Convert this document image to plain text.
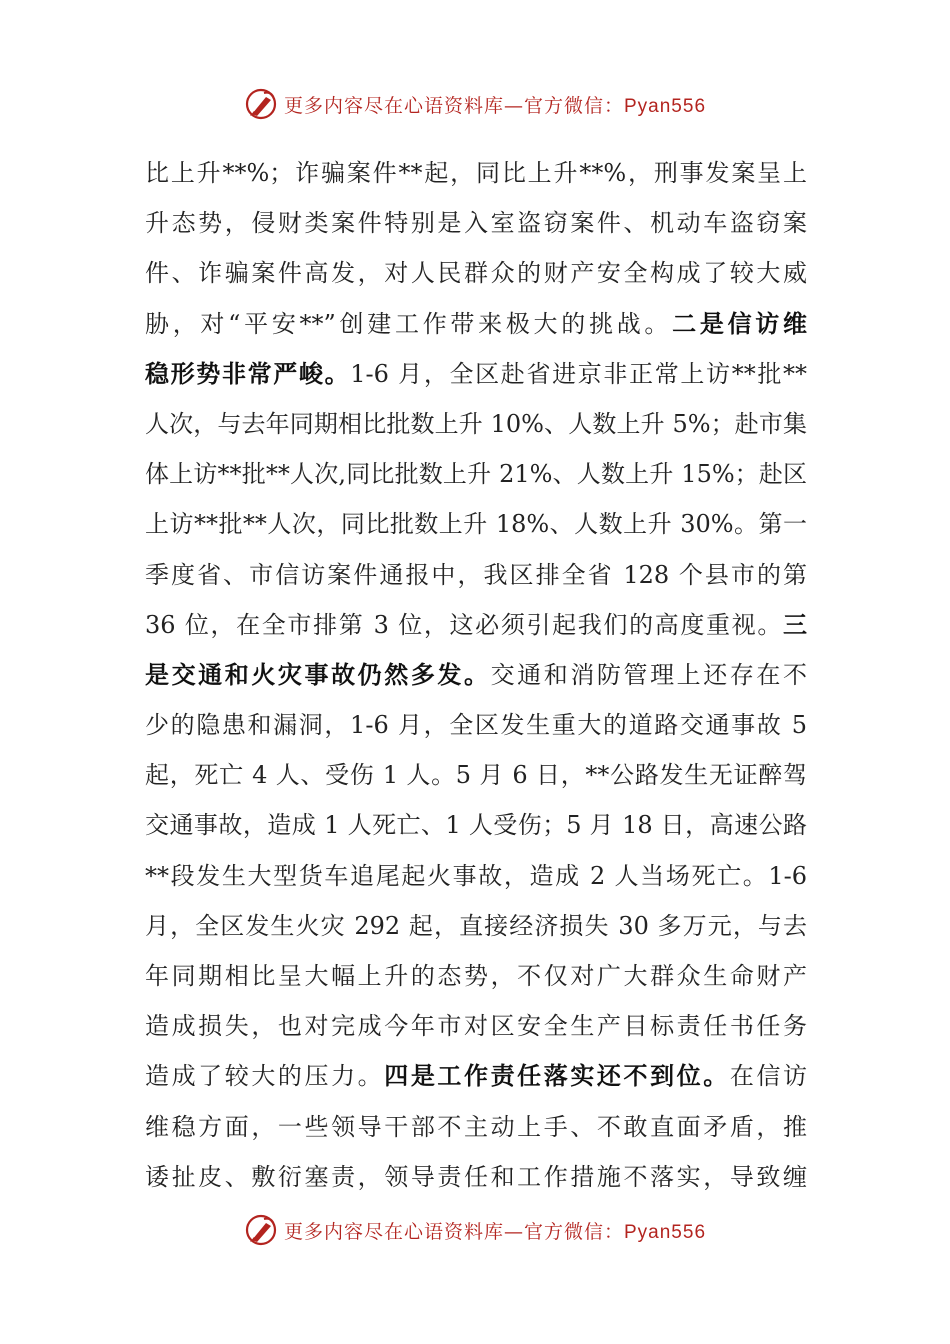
更多内容尽在心语资料库—官方微信：Pyan556
比上升**%；诈骗案件**起，同比上升**%，刑事发案呈上
升态势，侵财类案件特别是入室盗窃案件、机动车盗窃案
件、诈骗案件高发，对人民群众的财产安全构成了较大威
胁，对“平安**”创建工作带来极大的挑战。二是信访维
稳形势非常严峻。1-6 月，全区赴省进京非正常上访**批**
人次，与去年同期相比批数上升 10%、人数上升 5%；赴市集
体上访**批**人次,同比批数上升 21%、人数上升 15%；赴区
上访**批**人次，同比批数上升 18%、人数上升 30%。第一
季度省、市信访案件通报中，我区排全省 128 个县市的第
36 位，在全市排第 3 位，这必须引起我们的高度重视。三
是交通和火灾事故仍然多发。交通和消防管理上还存在不
少的隐患和漏洞，1-6 月，全区发生重大的道路交通事故 5
起，死亡 4 人、受伤 1 人。5 月 6 日，**公路发生无证醉驾
交通事故，造成 1 人死亡、1 人受伤；5 月 18 日，高速公路
**段发生大型货车追尾起火事故，造成 2 人当场死亡。1-6
月，全区发生火灾 292 起，直接经济损失 30 多万元，与去
年同期相比呈大幅上升的态势，不仅对广大群众生命财产
造成损失，也对完成今年市对区安全生产目标责任书任务
造成了较大的压力。四是工作责任落实还不到位。在信访
维稳方面，一些领导干部不主动上手、不敢直面矛盾，推
诿扯皮、敷衍塞责，领导责任和工作措施不落实，导致缠
更多内容尽在心语资料库—官方微信：Pyan556
